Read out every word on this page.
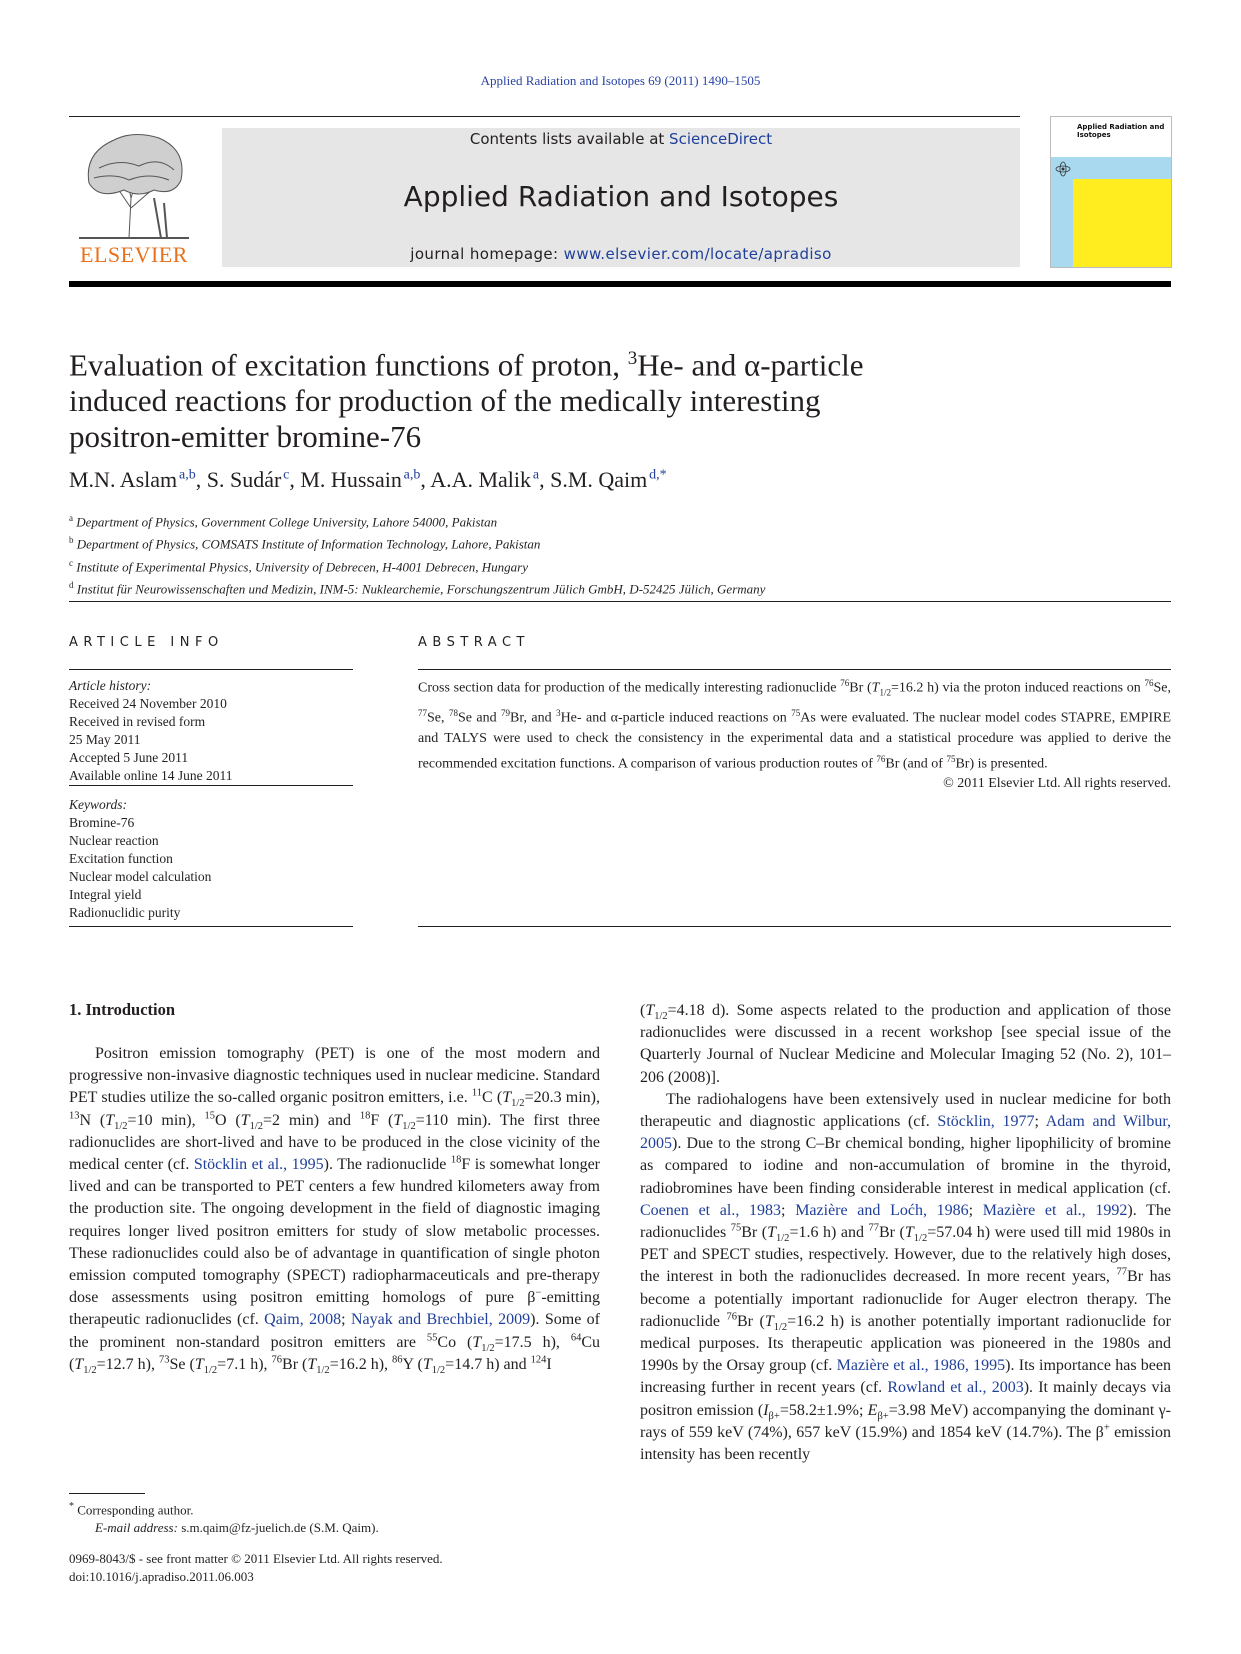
Applied Radiation and Isotopes 69 (2011) 1490–1505
ELSEVIER
Contents lists available at ScienceDirect
Applied Radiation and Isotopes
journal homepage: www.elsevier.com/locate/apradiso
Applied Radiation and Isotopes
Evaluation of excitation functions of proton, $^3$He- and α-particle
induced reactions for production of the medically interesting
positron-emitter bromine-76
M.N. Aslam  $^{a,b}$, S. Sudár  $^c$, M. Hussain  $^{a,b}$, A.A. Malik  $^a$, S.M. Qaim  $^{d,*}$
$^a$ Department of Physics, Government College University, Lahore 54000, Pakistan
$^b$ Department of Physics, COMSATS Institute of Information Technology, Lahore, Pakistan
$^c$ Institute of Experimental Physics, University of Debrecen, H-4001 Debrecen, Hungary
$^d$ Institut für Neurowissenschaften und Medizin, INM-5: Nuklearchemie, Forschungszentrum Jülich GmbH, D-52425 Jülich, Germany
ARTICLE INFO
Article history:
Received 24 November 2010
Received in revised form
25 May 2011
Accepted 5 June 2011
Available online 14 June 2011
Keywords:
Bromine-76
Nuclear reaction
Excitation function
Nuclear model calculation
Integral yield
Radionuclidic purity
ABSTRACT
Cross section data for production of the medically interesting radionuclide $^{76}$Br ($T_{1/2}=16.2$ h) via the proton induced reactions on $^{76}$Se, $^{77}$Se, $^{78}$Se and $^{79}$Br, and $^3$He- and α-particle induced reactions on $^{75}$As were evaluated. The nuclear model codes STAPRE, EMPIRE and TALYS were used to check the consistency in the experimental data and a statistical procedure was applied to derive the recommended excitation functions. A comparison of various production routes of $^{76}$Br (and of $^{75}$Br) is presented.
© 2011 Elsevier Ltd. All rights reserved.
1. Introduction

Positron emission tomography (PET) is one of the most modern and progressive non-invasive diagnostic techniques used in nuclear medicine. Standard PET studies utilize the so-called organic positron emitters, i.e. $^{11}$C ($T_{1/2}=20.3$ min), $^{13}$N ($T_{1/2}=10$ min), $^{15}$O ($T_{1/2}=2$ min) and $^{18}$F ($T_{1/2}=110$ min). The first three radionuclides are short-lived and have to be produced in the close vicinity of the medical center (cf. Stöcklin et al., 1995). The radionuclide $^{18}$F is somewhat longer lived and can be transported to PET centers a few hundred kilometers away from the production site. The ongoing development in the field of diagnostic imaging requires longer lived positron emitters for study of slow metabolic processes. These radionuclides could also be of advantage in quantification of single photon emission computed tomography (SPECT) radiopharmaceuticals and pre-therapy dose assessments using positron emitting homologs of pure β−-emitting therapeutic radionuclides (cf. Qaim, 2008; Nayak and Brechbiel, 2009). Some of the prominent non-standard positron emitters are $^{55}$Co ($T_{1/2}=17.5$ h), $^{64}$Cu ($T_{1/2}=12.7$ h), $^{73}$Se ($T_{1/2}=7.1$ h), $^{76}$Br ($T_{1/2}=16.2$ h), $^{86}$Y ($T_{1/2}=14.7$ h) and $^{124}$I

($T_{1/2}=4.18$ d). Some aspects related to the production and application of those radionuclides were discussed in a recent workshop [see special issue of the Quarterly Journal of Nuclear Medicine and Molecular Imaging 52 (No. 2), 101–206 (2008)].

The radiohalogens have been extensively used in nuclear medicine for both therapeutic and diagnostic applications (cf. Stöcklin, 1977; Adam and Wilbur, 2005). Due to the strong C–Br chemical bonding, higher lipophilicity of bromine as compared to iodine and non-accumulation of bromine in the thyroid, radiobromines have been finding considerable interest in medical application (cf. Coenen et al., 1983; Mazière and Loćh, 1986; Mazière et al., 1992). The radionuclides $^{75}$Br ($T_{1/2}=1.6$ h) and $^{77}$Br ($T_{1/2}=57.04$ h) were used till mid 1980s in PET and SPECT studies, respectively. However, due to the relatively high doses, the interest in both the radionuclides decreased. In more recent years, $^{77}$Br has become a potentially important radionuclide for Auger electron therapy. The radionuclide $^{76}$Br ($T_{1/2}=16.2$ h) is another potentially important radionuclide for medical purposes. Its therapeutic application was pioneered in the 1980s and 1990s by the Orsay group (cf. Mazière et al., 1986, 1995). Its importance has been increasing further in recent years (cf. Rowland et al., 2003). It mainly decays via positron emission ($I_{\beta+}=58.2\pm 1.9\%$; $E_{\beta+}=3.98$ MeV) accompanying the dominant γ-rays of 559 keV (74%), 657 keV (15.9%) and 1854 keV (14.7%). The β+ emission intensity has been recently

* Corresponding author.
E-mail address: s.m.qaim@fz-juelich.de (S.M. Qaim).
0969-8043/$ - see front matter © 2011 Elsevier Ltd. All rights reserved.
doi:10.1016/j.apradiso.2011.06.003
